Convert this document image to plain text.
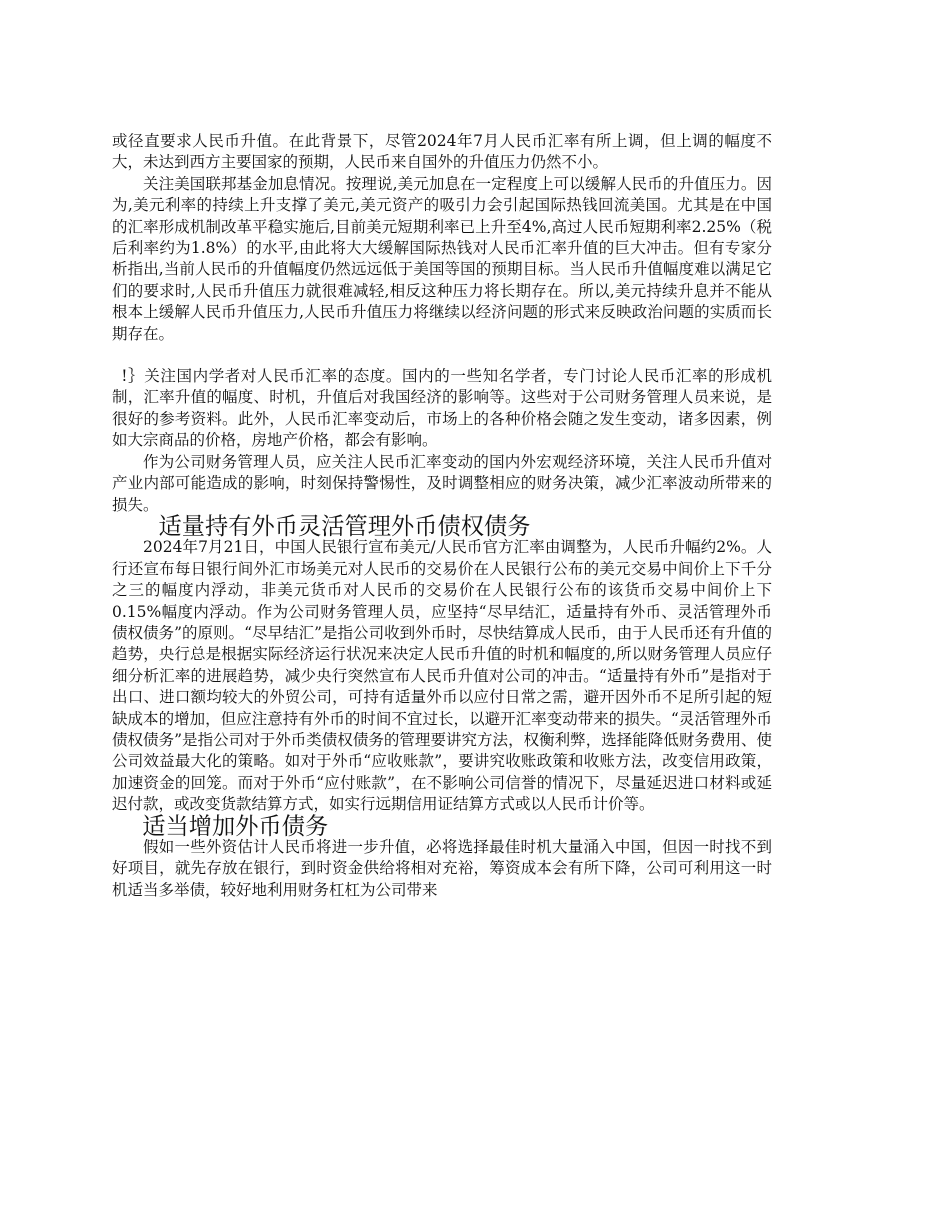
或径直要求人民币升值。在此背景下，尽管2024年7月人民币汇率有所上调，但上调的幅度不大，未达到西方主要国家的预期，人民币来自国外的升值压力仍然不小。

关注美国联邦基金加息情况。按理说,美元加息在一定程度上可以缓解人民币的升值压力。因为,美元利率的持续上升支撑了美元,美元资产的吸引力会引起国际热钱回流美国。尤其是在中国的汇率形成机制改革平稳实施后,目前美元短期利率已上升至4%,高过人民币短期利率2.25%（税后利率约为1.8%）的水平,由此将大大缓解国际热钱对人民币汇率升值的巨大冲击。但有专家分析指出,当前人民币的升值幅度仍然远远低于美国等国的预期目标。当人民币升值幅度难以满足它们的要求时,人民币升值压力就很难减轻,相反这种压力将长期存在。所以,美元持续升息并不能从根本上缓解人民币升值压力,人民币升值压力将继续以经济问题的形式来反映政治问题的实质而长期存在。

!｝关注国内学者对人民币汇率的态度。国内的一些知名学者，专门讨论人民币汇率的形成机制，汇率升值的幅度、时机，升值后对我国经济的影响等。这些对于公司财务管理人员来说，是很好的参考资料。此外，人民币汇率变动后，市场上的各种价格会随之发生变动，诸多因素，例如大宗商品的价格，房地产价格，都会有影响。

作为公司财务管理人员，应关注人民币汇率变动的国内外宏观经济环境，关注人民币升值对产业内部可能造成的影响，时刻保持警惕性，及时调整相应的财务决策，减少汇率波动所带来的损失。

适量持有外币灵活管理外币债权债务

2024年7月21日，中国人民银行宣布美元/人民币官方汇率由调整为，人民币升幅约2%。人行还宣布每日银行间外汇市场美元对人民币的交易价在人民银行公布的美元交易中间价上下千分之三的幅度内浮动，非美元货币对人民币的交易价在人民银行公布的该货币交易中间价上下0.15%幅度内浮动。作为公司财务管理人员，应坚持“尽早结汇，适量持有外币、灵活管理外币债权债务”的原则。“尽早结汇”是指公司收到外币时，尽快结算成人民币，由于人民币还有升值的趋势，央行总是根据实际经济运行状况来决定人民币升值的时机和幅度的,所以财务管理人员应仔细分析汇率的进展趋势，减少央行突然宣布人民币升值对公司的冲击。“适量持有外币”是指对于出口、进口额均较大的外贸公司，可持有适量外币以应付日常之需，避开因外币不足所引起的短缺成本的增加，但应注意持有外币的时间不宜过长，以避开汇率变动带来的损失。“灵活管理外币债权债务”是指公司对于外币类债权债务的管理要讲究方法，权衡利弊，选择能降低财务费用、使公司效益最大化的策略。如对于外币“应收账款”，要讲究收账政策和收账方法，改变信用政策，加速资金的回笼。而对于外币“应付账款”，在不影响公司信誉的情况下，尽量延迟进口材料或延迟付款，或改变货款结算方式，如实行远期信用证结算方式或以人民币计价等。

适当增加外币债务

假如一些外资估计人民币将进一步升值，必将选择最佳时机大量涌入中国，但因一时找不到好项目，就先存放在银行，到时资金供给将相对充裕，筹资成本会有所下降，公司可利用这一时机适当多举债，较好地利用财务杠杠为公司带来
